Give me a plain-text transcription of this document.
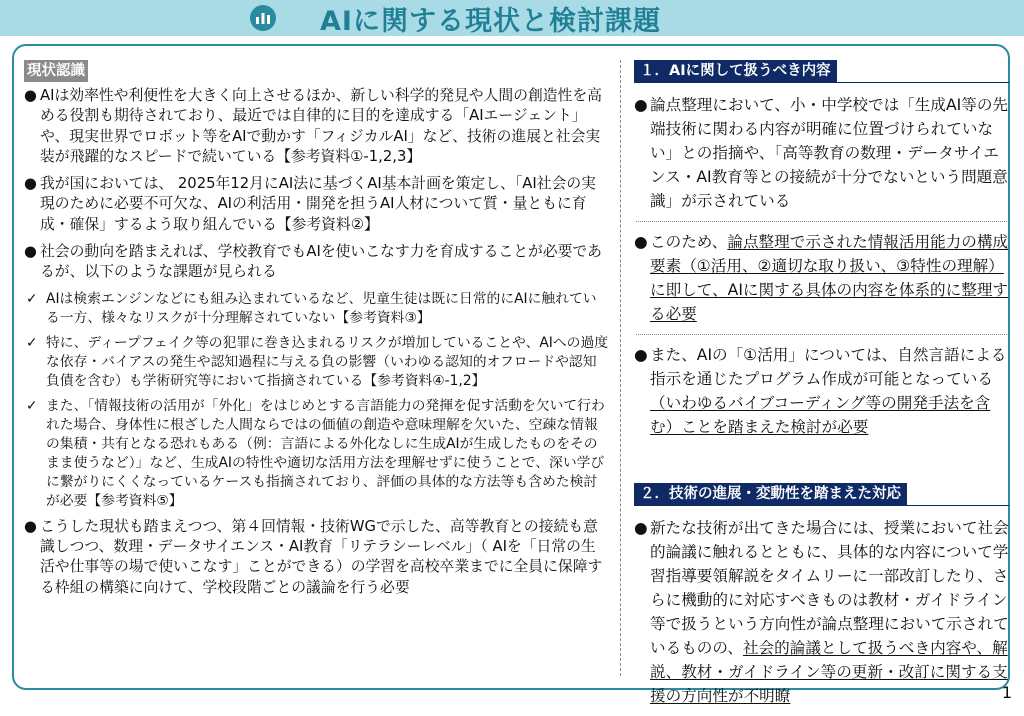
AIに関する現状と検討課題
現状認識
● AIは効率性や利便性を大きく向上させるほか、新しい科学的発見や人間の創造性を高める役割も期待されており、最近では自律的に目的を達成する「AIエージェント」や、現実世界でロボット等をAIで動かす「フィジカルAI」など、技術の進展と社会実装が飛躍的なスピードで続いている【参考資料①-1,2,3】
● 我が国においては、 2025年12月にAI法に基づくAI基本計画を策定し、「AI社会の実現のために必要不可欠な、AIの利活用・開発を担うAI人材について質・量ともに育成・確保」するよう取り組んでいる【参考資料②】
● 社会の動向を踏まえれば、学校教育でもAIを使いこなす力を育成することが必要であるが、以下のような課題が見られる
✓ AIは検索エンジンなどにも組み込まれているなど、児童生徒は既に日常的にAIに触れている一方、様々なリスクが十分理解されていない【参考資料③】
✓ 特に、ディープフェイク等の犯罪に巻き込まれるリスクが増加していることや、AIへの過度な依存・バイアスの発生や認知過程に与える負の影響（いわゆる認知的オフロードや認知負債を含む）も学術研究等において指摘されている【参考資料④-1,2】
✓ また、「情報技術の活用が「外化」をはじめとする言語能力の発揮を促す活動を欠いて行われた場合、身体性に根ざした人間ならではの価値の創造や意味理解を欠いた、空疎な情報の集積・共有となる恐れもある（例：言語による外化なしに生成AIが生成したものをそのまま使うなど）」など、生成AIの特性や適切な活用方法を理解せずに使うことで、深い学びに繋がりにくくなっているケースも指摘されており、評価の具体的な方法等も含めた検討が必要【参考資料⑤】
● こうした現状も踏まえつつ、第４回情報・技術WGで示した、高等教育との接続も意識しつつ、数理・データサイエンス・AI教育「リテラシーレベル」（ AIを「日常の生活や仕事等の場で使いこなす」ことができる）の学習を高校卒業までに全員に保障する枠組の構築に向けて、学校段階ごとの議論を行う必要
１．AIに関して扱うべき内容
● 論点整理において、小・中学校では「生成AI等の先端技術に関わる内容が明確に位置づけられていない」との指摘や、「高等教育の数理・データサイエンス・AI教育等との接続が十分でないという問題意識」が示されている
● このため、論点整理で示された情報活用能力の構成要素（①活用、②適切な取り扱い、③特性の理解）に即して、AIに関する具体の内容を体系的に整理する必要
● また、AIの「①活用」については、自然言語による指示を通じたプログラム作成が可能となっている（いわゆるバイブコーディング等の開発手法を含む）ことを踏まえた検討が必要
２．技術の進展・変動性を踏まえた対応
● 新たな技術が出てきた場合には、授業において社会的論議に触れるとともに、具体的な内容について学習指導要領解説をタイムリーに一部改訂したり、さらに機動的に対応すべきものは教材・ガイドライン等で扱うという方向性が論点整理において示されているものの、社会的論議として扱うべき内容や、解説、教材・ガイドライン等の更新・改訂に関する支援の方向性が不明瞭	1
